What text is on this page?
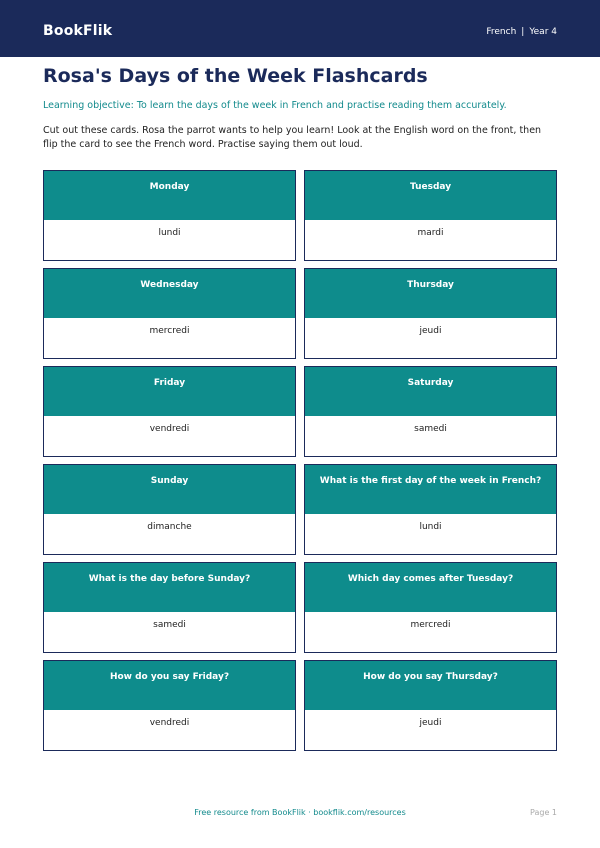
BookFlik	French | Year 4
Rosa's Days of the Week Flashcards

Learning objective: To learn the days of the week in French and practise reading them accurately.

Cut out these cards. Rosa the parrot wants to help you learn! Look at the English word on the front, then flip the card to see the French word. Practise saying them out loud.

Monday
lundi
Tuesday
mardi
Wednesday
mercredi
Thursday
jeudi
Friday
vendredi
Saturday
samedi
Sunday
dimanche
What is the first day of the week in French?
lundi
What is the day before Sunday?
samedi
Which day comes after Tuesday?
mercredi
How do you say Friday?
vendredi
How do you say Thursday?
jeudi
Free resource from BookFlik · bookflik.com/resources	Page 1
